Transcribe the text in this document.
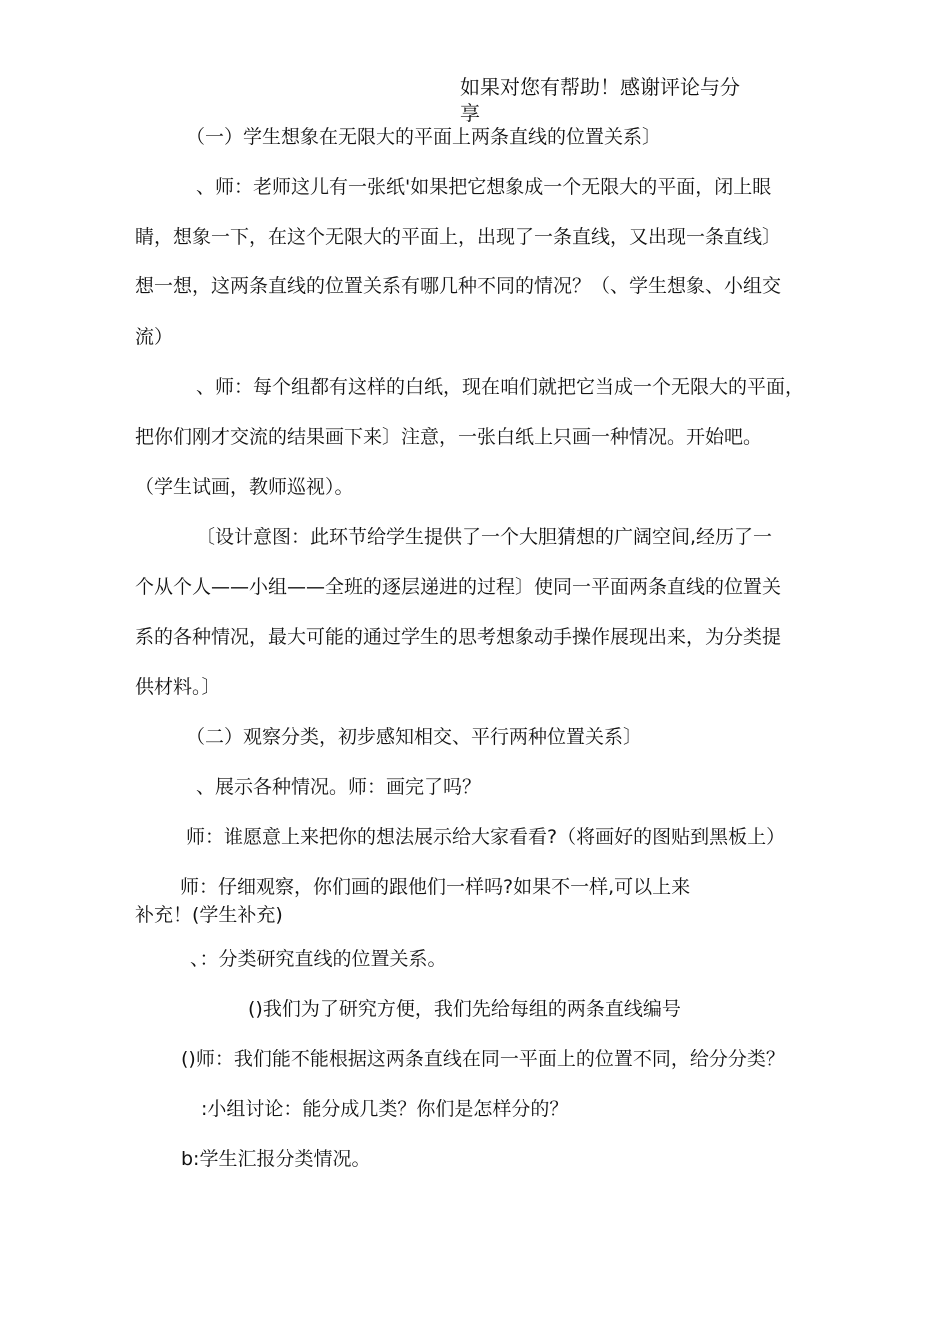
如果对您有帮助！感谢评论与分
享
（一）学生想象在无限大的平面上两条直线的位置关系〕
、师：老师这儿有一张纸'如果把它想象成一个无限大的平面，闭上眼
睛，想象一下，在这个无限大的平面上，出现了一条直线，又出现一条直线〕
想一想，这两条直线的位置关系有哪几种不同的情况？（、学生想象、小组交
流）
、师：每个组都有这样的白纸，现在咱们就把它当成一个无限大的平面，
把你们刚才交流的结果画下来〕注意，一张白纸上只画一种情况。开始吧。
（学生试画，教师巡视）。
〔设计意图：此环节给学生提供了一个大胆猜想的广阔空间,经历了一
个从个人——小组——全班的逐层递进的过程〕使同一平面两条直线的位置关
系的各种情况，最大可能的通过学生的思考想象动手操作展现出来，为分类提
供材料。〕
（二）观察分类，初步感知相交、平行两种位置关系〕
、展示各种情况。师：画完了吗？
师：谁愿意上来把你的想法展示给大家看看?（将画好的图贴到黑板上）
师：仔细观察，你们画的跟他们一样吗?如果不一样,可以上来
补充！(学生补充)
、：分类研究直线的位置关系。
()我们为了研究方便，我们先给每组的两条直线编号
()师：我们能不能根据这两条直线在同一平面上的位置不同，给分分类？
:小组讨论：能分成几类？你们是怎样分的？
b:学生汇报分类情况。
